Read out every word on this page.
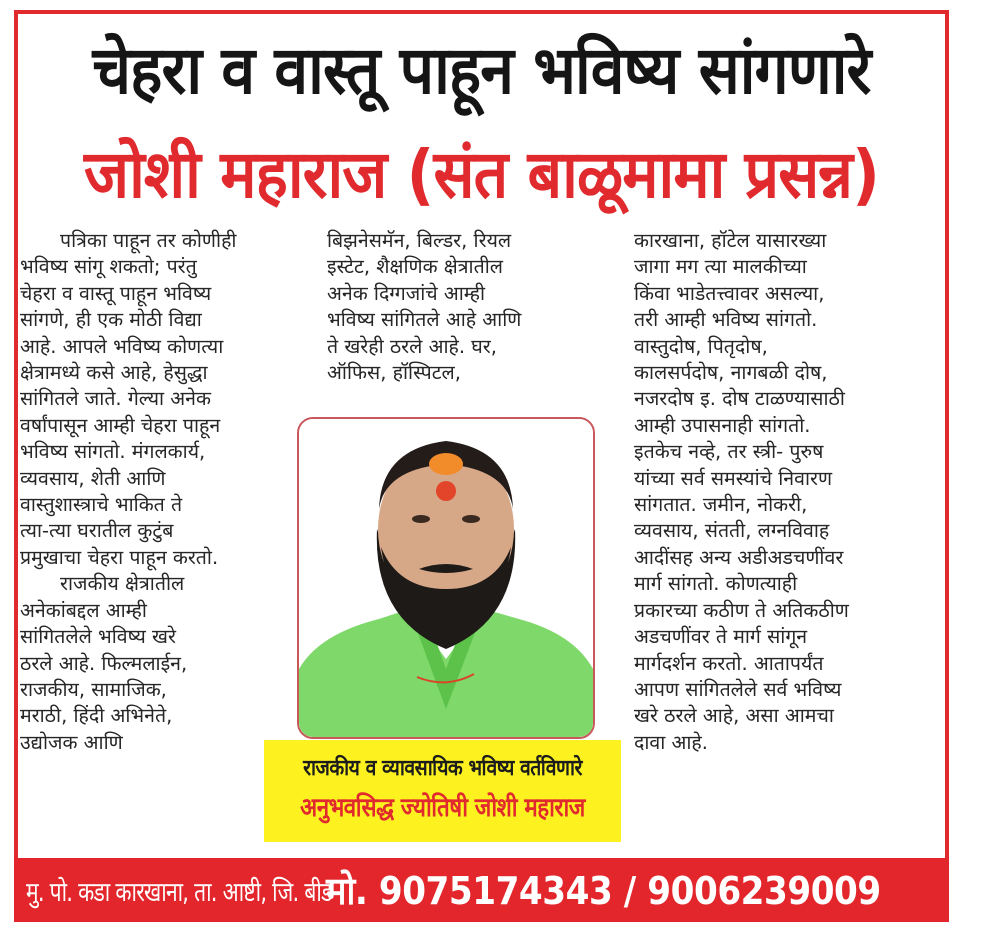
चेहरा व वास्तू पाहून भविष्य सांगणारे
जोशी महाराज (संत बाळूमामा प्रसन्न)
पत्रिका पाहून तर कोणीही
भविष्य सांगू शकतो; परंतु
चेहरा व वास्तू पाहून भविष्य
सांगणे, ही एक मोठी विद्या
आहे. आपले भविष्य कोणत्या
क्षेत्रामध्ये कसे आहे, हेसुद्धा
सांगितले जाते. गेल्या अनेक
वर्षांपासून आम्ही चेहरा पाहून
भविष्य सांगतो. मंगलकार्य,
व्यवसाय, शेती आणि
वास्तुशास्त्राचे भाकित ते
त्या-त्या घरातील कुटुंब
प्रमुखाचा चेहरा पाहून करतो.
राजकीय क्षेत्रातील
अनेकांबद्दल आम्ही
सांगितलेले भविष्य खरे
ठरले आहे. फिल्मलाईन,
राजकीय, सामाजिक,
मराठी, हिंदी अभिनेते,
उद्योजक आणि
बिझनेसमॅन, बिल्डर, रियल
इस्टेट, शैक्षणिक क्षेत्रातील
अनेक दिग्गजांचे आम्ही
भविष्य सांगितले आहे आणि
ते खरेही ठरले आहे. घर,
ऑफिस, हॉस्पिटल,
कारखाना, हॉटेल यासारख्या
जागा मग त्या मालकीच्या
किंवा भाडेतत्त्वावर असल्या,
तरी आम्ही भविष्य सांगतो.
वास्तुदोष, पितृदोष,
कालसर्पदोष, नागबळी दोष,
नजरदोष इ. दोष टाळण्यासाठी
आम्ही उपासनाही सांगतो.
इतकेच नव्हे, तर स्त्री- पुरुष
यांच्या सर्व समस्यांचे निवारण
सांगतात. जमीन, नोकरी,
व्यवसाय, संतती, लग्नविवाह
आदींसह अन्य अडीअडचणींवर
मार्ग सांगतो. कोणत्याही
प्रकारच्या कठीण ते अतिकठीण
अडचणींवर ते मार्ग सांगून
मार्गदर्शन करतो. आतापर्यंत
आपण सांगितलेले सर्व भविष्य
खरे ठरले आहे, असा आमचा
दावा आहे.
राजकीय व व्यावसायिक भविष्य वर्तविणारे
अनुभवसिद्ध ज्योतिषी जोशी महाराज
मु. पो. कडा कारखाना, ता. आष्टी, जि. बीड
मो. 9075174343 / 9006239009
